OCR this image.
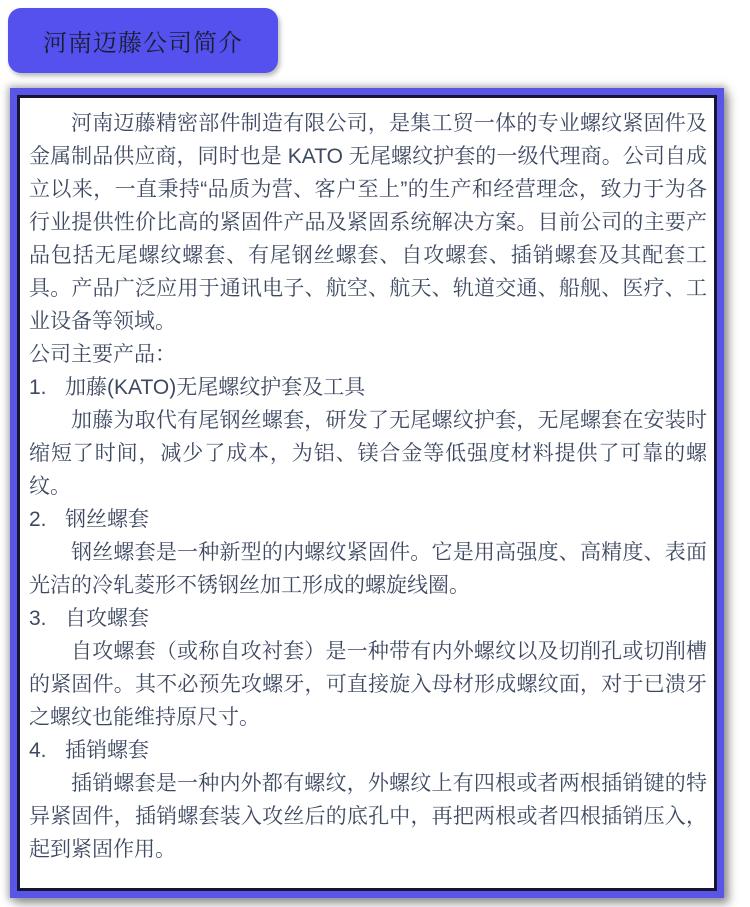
河南迈藤公司简介

河南迈藤精密部件制造有限公司，是集工贸一体的专业螺纹紧固件及金属制品供应商，同时也是 KATO 无尾螺纹护套的一级代理商。公司自成立以来，一直秉持“品质为营、客户至上”的生产和经营理念，致力于为各行业提供性价比高的紧固件产品及紧固系统解决方案。目前公司的主要产品包括无尾螺纹螺套、有尾钢丝螺套、自攻螺套、插销螺套及其配套工具。产品广泛应用于通讯电子、航空、航天、轨道交通、船舰、医疗、工业设备等领域。

公司主要产品：

1. 加藤(KATO)无尾螺纹护套及工具

加藤为取代有尾钢丝螺套，研发了无尾螺纹护套，无尾螺套在安装时缩短了时间，减少了成本，为铝、镁合金等低强度材料提供了可靠的螺纹。

2. 钢丝螺套

钢丝螺套是一种新型的内螺纹紧固件。它是用高强度、高精度、表面光洁的冷轧菱形不锈钢丝加工形成的螺旋线圈。

3. 自攻螺套

自攻螺套（或称自攻衬套）是一种带有内外螺纹以及切削孔或切削槽的紧固件。其不必预先攻螺牙，可直接旋入母材形成螺纹面，对于已溃牙之螺纹也能维持原尺寸。

4. 插销螺套

插销螺套是一种内外都有螺纹，外螺纹上有四根或者两根插销键的特异紧固件，插销螺套装入攻丝后的底孔中，再把两根或者四根插销压入，起到紧固作用。
